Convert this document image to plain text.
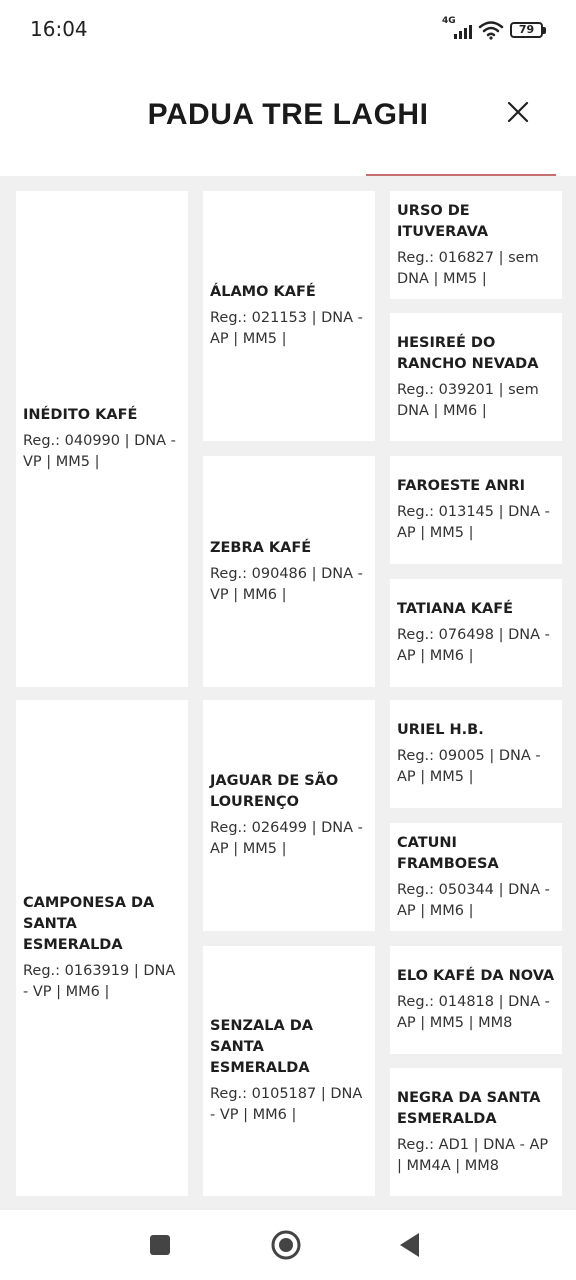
16:04	4G
79
PADUA TRE LAGHI
INÉDITO KAFÉ
Reg.: 040990 | DNA - VP | MM5 |
CAMPONESA DA SANTA ESMERALDA
Reg.: 0163919 | DNA - VP | MM6 |
ÁLAMO KAFÉ
Reg.: 021153 | DNA - AP | MM5 |
ZEBRA KAFÉ
Reg.: 090486 | DNA - VP | MM6 |
JAGUAR DE SÃO LOURENÇO
Reg.: 026499 | DNA - AP | MM5 |
SENZALA DA SANTA ESMERALDA
Reg.: 0105187 | DNA - VP | MM6 |
URSO DE ITUVERAVA
Reg.: 016827 | sem DNA | MM5 |
HESIREÉ DO RANCHO NEVADA
Reg.: 039201 | sem DNA | MM6 |
FAROESTE ANRI
Reg.: 013145 | DNA - AP | MM5 |
TATIANA KAFÉ
Reg.: 076498 | DNA - AP | MM6 |
URIEL H.B.
Reg.: 09005 | DNA - AP | MM5 |
CATUNI FRAMBOESA
Reg.: 050344 | DNA - AP | MM6 |
ELO KAFÉ DA NOVA
Reg.: 014818 | DNA - AP | MM5 | MM8
NEGRA DA SANTA ESMERALDA
Reg.: AD1 | DNA - AP | MM4A | MM8
